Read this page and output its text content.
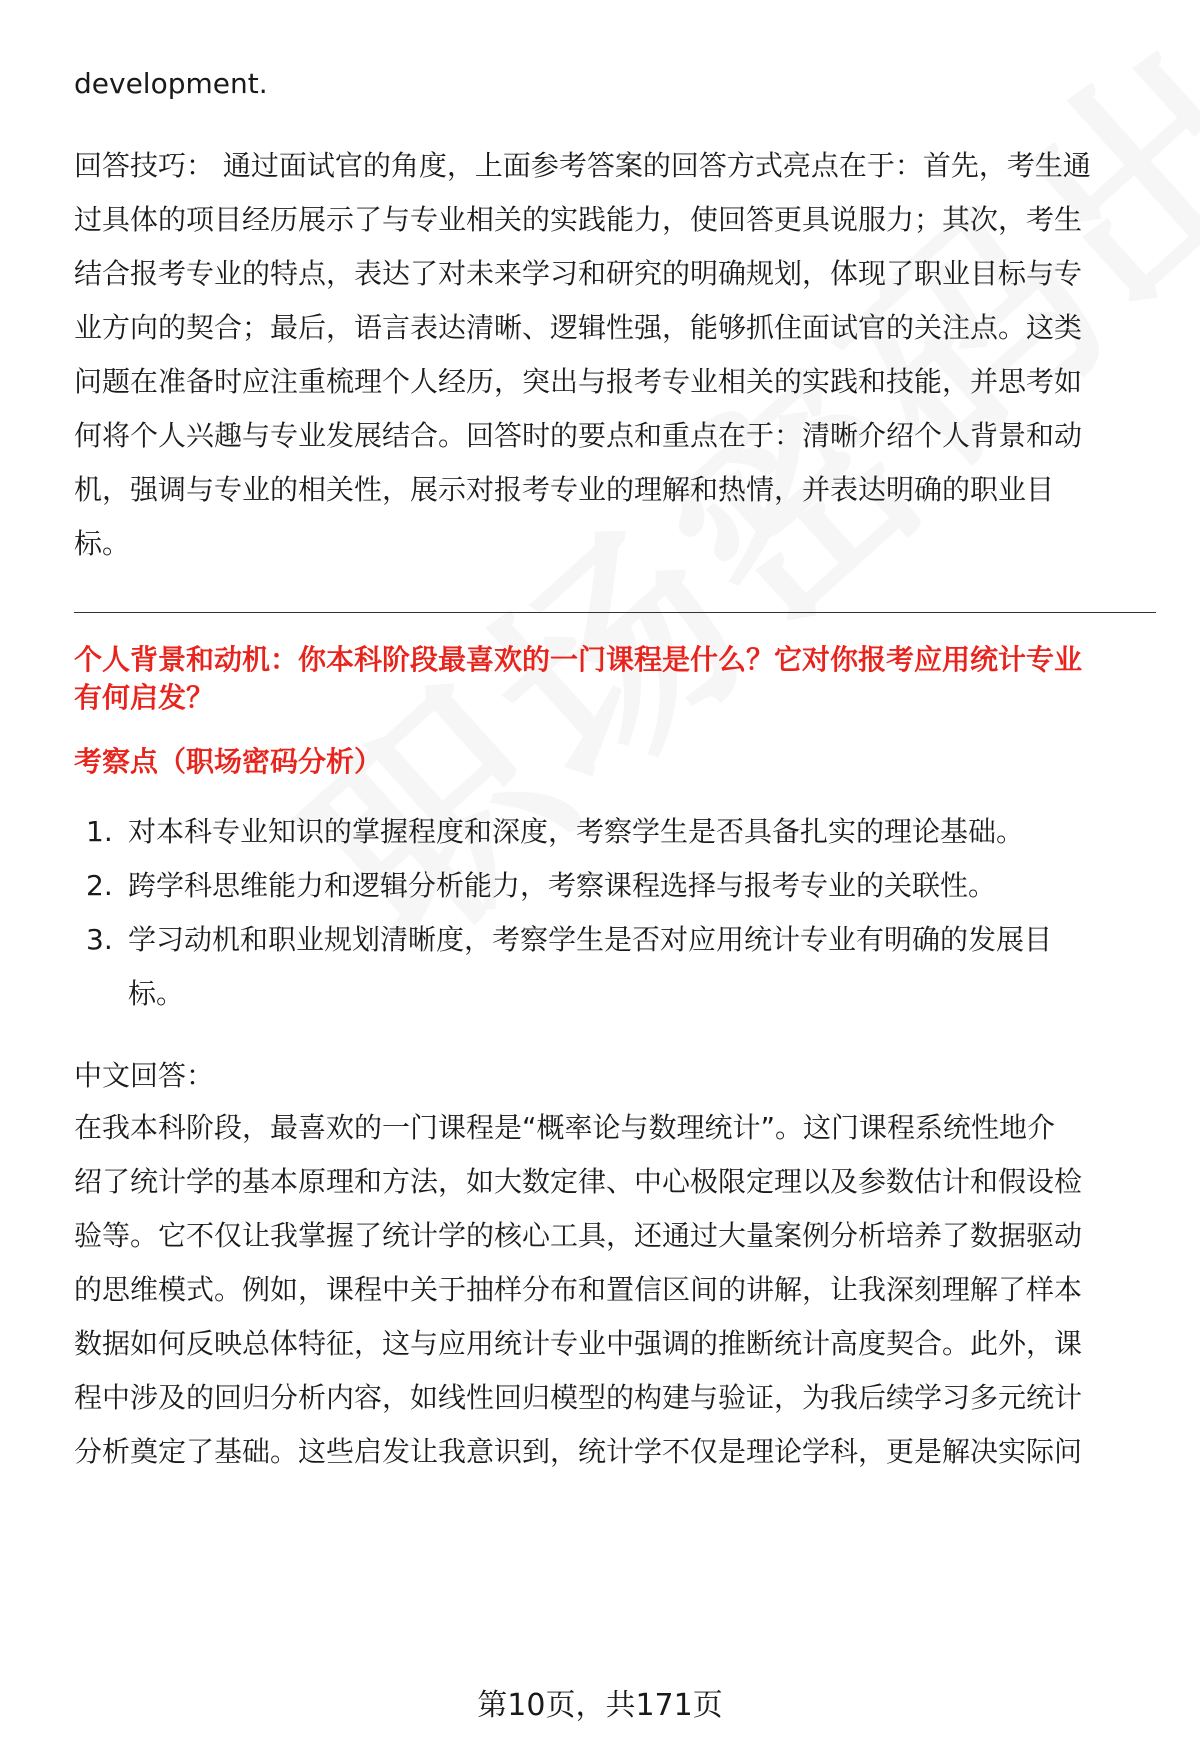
development.
回答技巧： 通过面试官的角度，上面参考答案的回答方式亮点在于：首先，考生通
过具体的项目经历展示了与专业相关的实践能力，使回答更具说服力；其次，考生
结合报考专业的特点，表达了对未来学习和研究的明确规划，体现了职业目标与专
业方向的契合；最后，语言表达清晰、逻辑性强，能够抓住面试官的关注点。这类
问题在准备时应注重梳理个人经历，突出与报考专业相关的实践和技能，并思考如
何将个人兴趣与专业发展结合。回答时的要点和重点在于：清晰介绍个人背景和动
机，强调与专业的相关性，展示对报考专业的理解和热情，并表达明确的职业目
标。
个人背景和动机：你本科阶段最喜欢的一门课程是什么？它对你报考应用统计专业
有何启发？
考察点（职场密码分析）
1. 对本科专业知识的掌握程度和深度，考察学生是否具备扎实的理论基础。
2. 跨学科思维能力和逻辑分析能力，考察课程选择与报考专业的关联性。
3. 学习动机和职业规划清晰度，考察学生是否对应用统计专业有明确的发展目
标。
中文回答：
在我本科阶段，最喜欢的一门课程是“概率论与数理统计”。这门课程系统性地介
绍了统计学的基本原理和方法，如大数定律、中心极限定理以及参数估计和假设检
验等。它不仅让我掌握了统计学的核心工具，还通过大量案例分析培养了数据驱动
的思维模式。例如，课程中关于抽样分布和置信区间的讲解，让我深刻理解了样本
数据如何反映总体特征，这与应用统计专业中强调的推断统计高度契合。此外，课
程中涉及的回归分析内容，如线性回归模型的构建与验证，为我后续学习多元统计
分析奠定了基础。这些启发让我意识到，统计学不仅是理论学科，更是解决实际问
第10页，共171页
